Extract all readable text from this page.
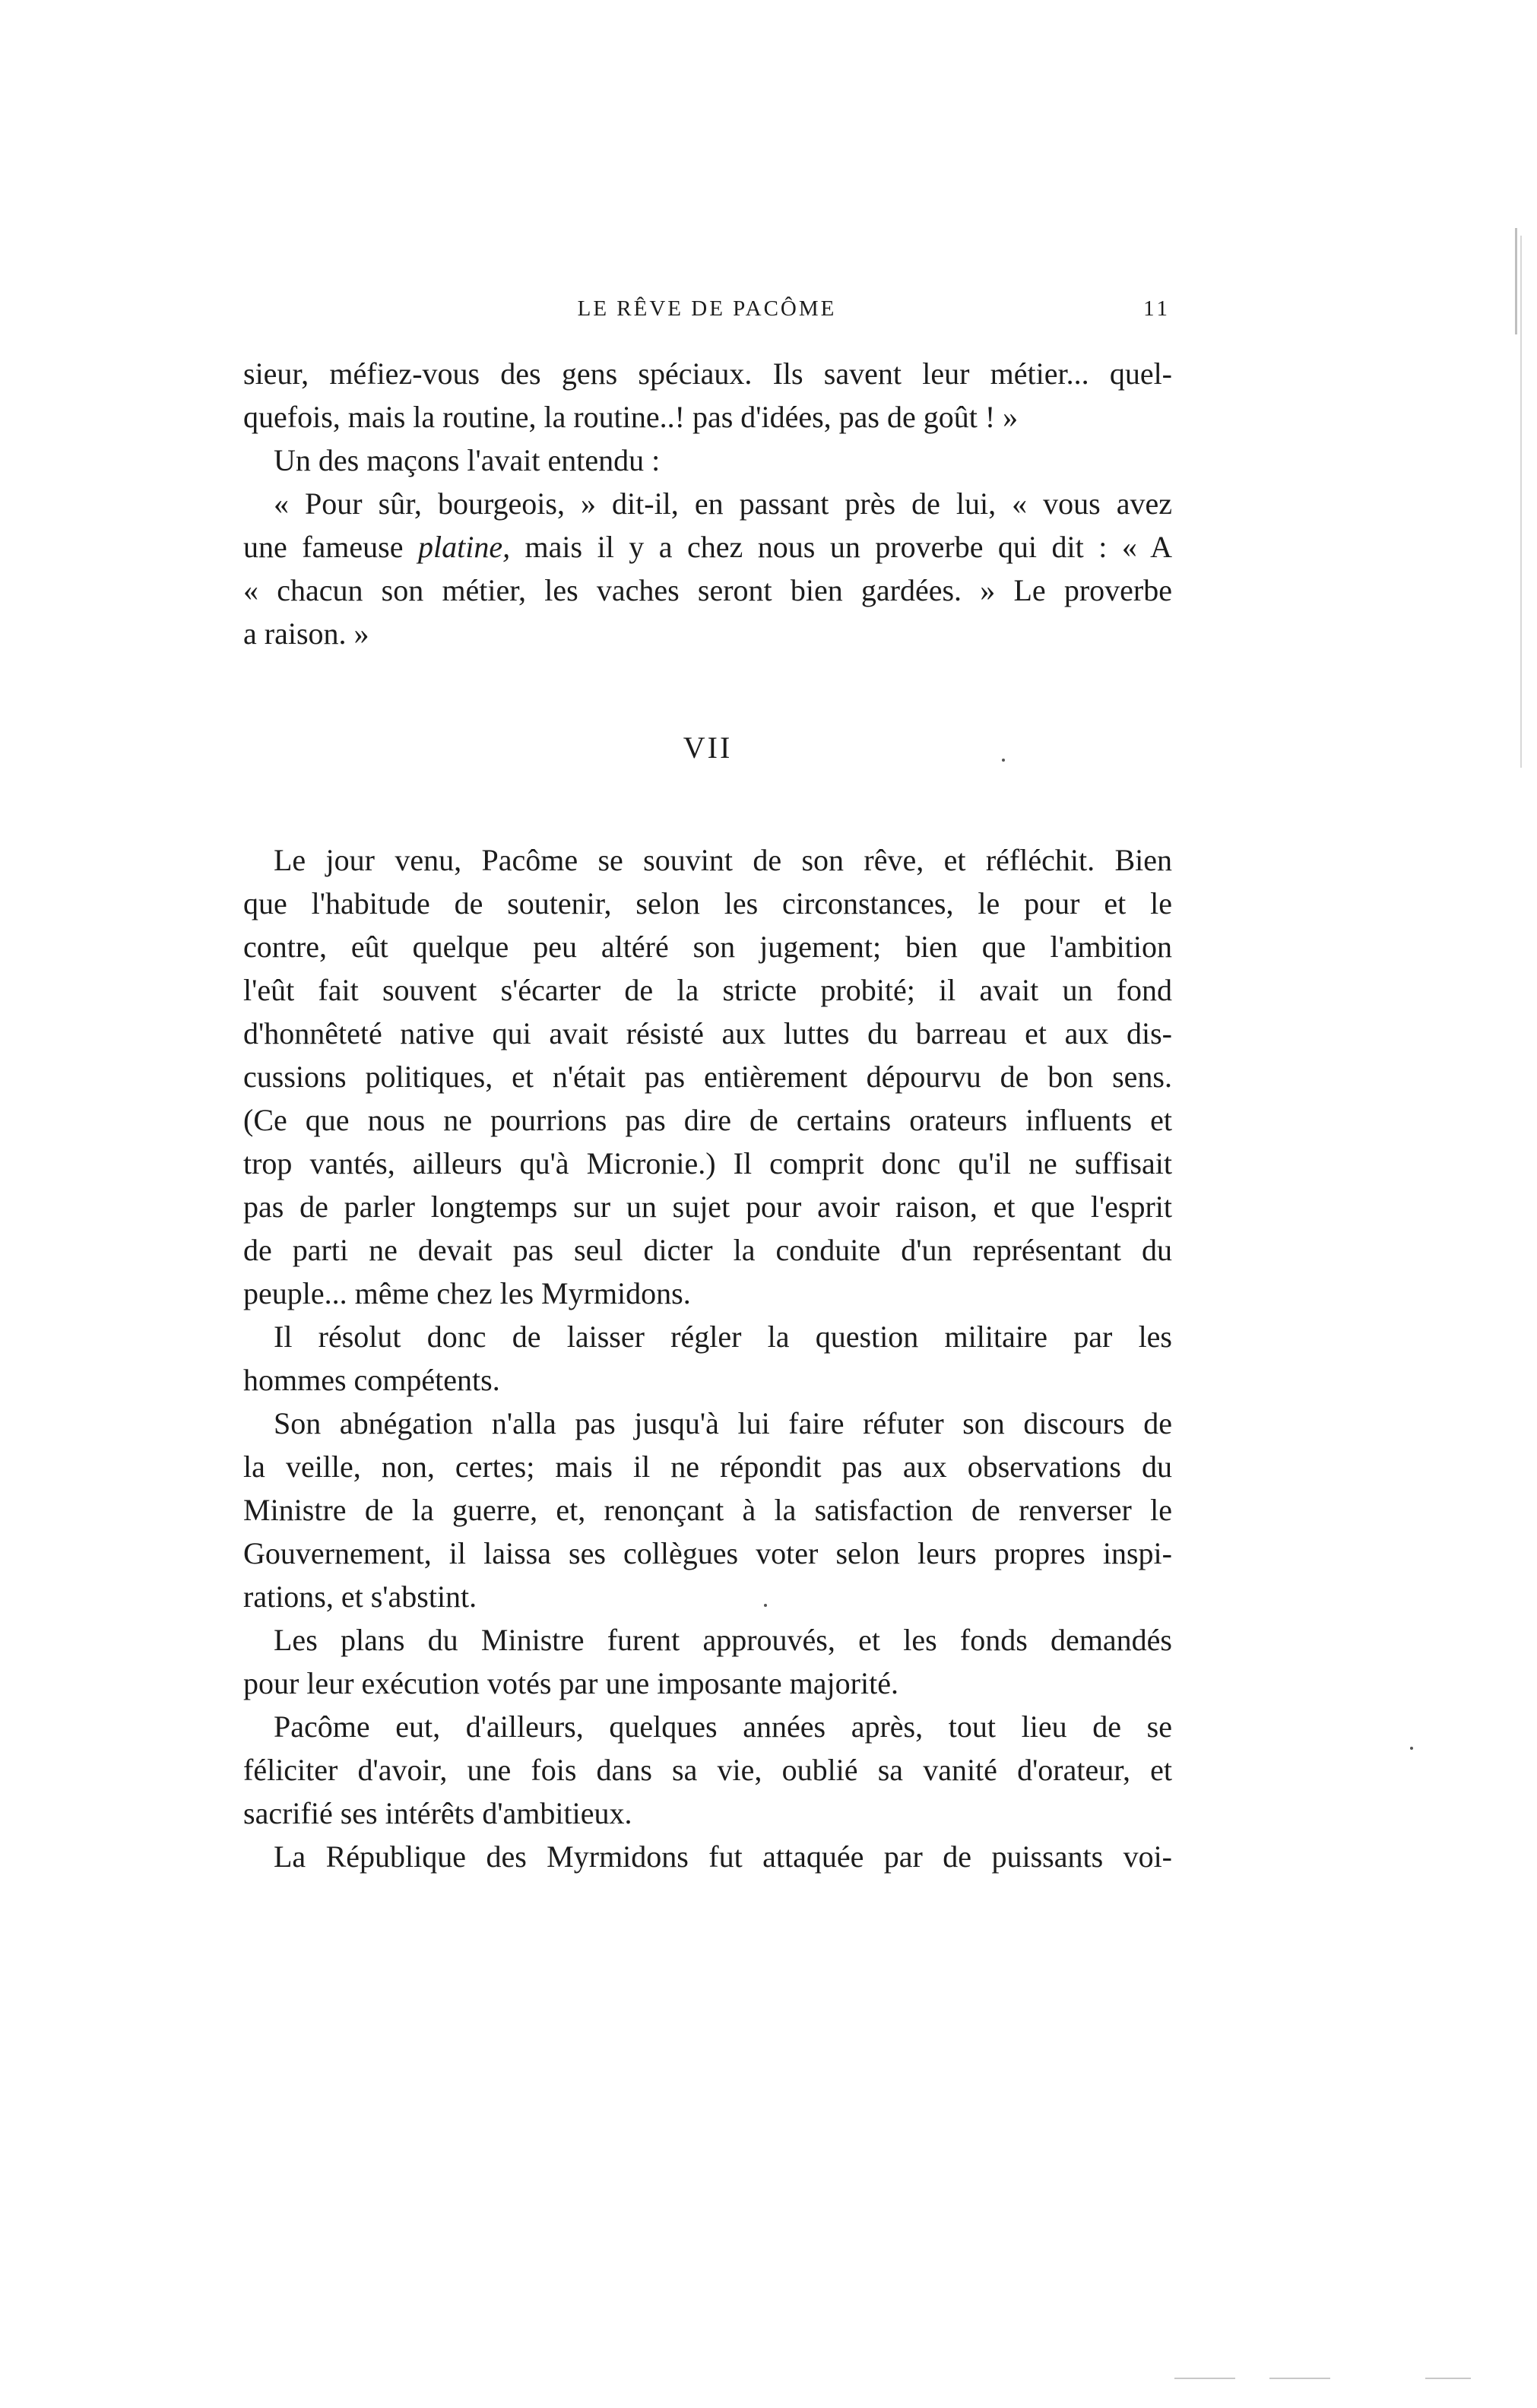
LE RÊVE DE PACÔME	11
sieur, méfiez-vous des gens spéciaux. Ils savent leur métier... quel-
quefois, mais la routine, la routine..! pas d'idées, pas de goût ! »
Un des maçons l'avait entendu :
« Pour sûr, bourgeois, » dit-il, en passant près de lui, « vous avez
une fameuse platine, mais il y a chez nous un proverbe qui dit : « A
« chacun son métier, les vaches seront bien gardées. » Le proverbe
a raison. »
VII
Le jour venu, Pacôme se souvint de son rêve, et réfléchit. Bien
que l'habitude de soutenir, selon les circonstances, le pour et le
contre, eût quelque peu altéré son jugement; bien que l'ambition
l'eût fait souvent s'écarter de la stricte probité; il avait un fond
d'honnêteté native qui avait résisté aux luttes du barreau et aux dis-
cussions politiques, et n'était pas entièrement dépourvu de bon sens.
(Ce que nous ne pourrions pas dire de certains orateurs influents et
trop vantés, ailleurs qu'à Micronie.) Il comprit donc qu'il ne suffisait
pas de parler longtemps sur un sujet pour avoir raison, et que l'esprit
de parti ne devait pas seul dicter la conduite d'un représentant du
peuple... même chez les Myrmidons.
Il résolut donc de laisser régler la question militaire par les
hommes compétents.
Son abnégation n'alla pas jusqu'à lui faire réfuter son discours de
la veille, non, certes; mais il ne répondit pas aux observations du
Ministre de la guerre, et, renonçant à la satisfaction de renverser le
Gouvernement, il laissa ses collègues voter selon leurs propres inspi-
rations, et s'abstint.
Les plans du Ministre furent approuvés, et les fonds demandés
pour leur exécution votés par une imposante majorité.
Pacôme eut, d'ailleurs, quelques années après, tout lieu de se
féliciter d'avoir, une fois dans sa vie, oublié sa vanité d'orateur, et
sacrifié ses intérêts d'ambitieux.
La République des Myrmidons fut attaquée par de puissants voi-
